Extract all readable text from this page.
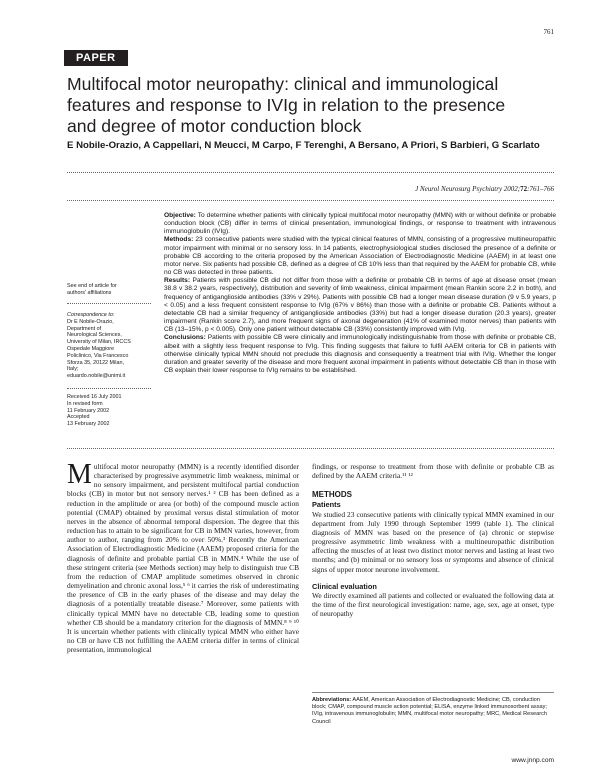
761
PAPER
Multifocal motor neuropathy: clinical and immunological features and response to IVIg in relation to the presence and degree of motor conduction block
E Nobile-Orazio, A Cappellari, N Meucci, M Carpo, F Terenghi, A Bersano, A Priori, S Barbieri, G Scarlato
J Neurol Neurosurg Psychiatry 2002;72:761–766
See end of article for
authors' affiliations
Correspondence to:
Dr E Nobile-Orazio,
Department of
Neurological Sciences,
University of Milan, IRCCS
Ospedale Maggiore
Policlinico, Via Francesco
Sforza 35, 20122 Milan,
Italy;
eduardo.nobile@unimi.it
Received 16 July 2001
In revised form
11 February 2002
Accepted
13 February 2002

Objective: To determine whether patients with clinically typical multifocal motor neuropathy (MMN) with or without definite or probable conduction block (CB) differ in terms of clinical presentation, immunological findings, or response to treatment with intravenous immunoglobulin (IVIg).

Methods: 23 consecutive patients were studied with the typical clinical features of MMN, consisting of a progressive multineuropathic motor impairment with minimal or no sensory loss. In 14 patients, electrophysiological studies disclosed the presence of a definite or probable CB according to the criteria proposed by the American Association of Electrodiagnostic Medicine (AAEM) in at least one motor nerve. Six patients had possible CB, defined as a degree of CB 10% less than that required by the AAEM for probable CB, while no CB was detected in three patients.

Results: Patients with possible CB did not differ from those with a definite or probable CB in terms of age at disease onset (mean 38.8 v 38.2 years, respectively), distribution and severity of limb weakness, clinical impairment (mean Rankin score 2.2 in both), and frequency of antiganglioside antibodies (33% v 29%). Patients with possible CB had a longer mean disease duration (9 v 5.9 years, p < 0.05) and a less frequent consistent response to IVIg (67% v 86%) than those with a definite or probable CB. Patients without a detectable CB had a similar frequency of antiganglioside antibodies (33%) but had a longer disease duration (20.3 years), greater impairment (Rankin score 2.7), and more frequent signs of axonal degeneration (41% of examined motor nerves) than patients with CB (13–15%, p < 0.005). Only one patient without detectable CB (33%) consistently improved with IVIg.

Conclusions: Patients with possible CB were clinically and immunologically indistinguishable from those with definite or probable CB, albeit with a slightly less frequent response to IVIg. This finding suggests that failure to fulfil AAEM criteria for CB in patients with otherwise clinically typical MMN should not preclude this diagnosis and consequently a treatment trial with IVIg. Whether the longer duration and greater severity of the disease and more frequent axonal impairment in patients without detectable CB than in those with CB explain their lower response to IVIg remains to be established.

Multifocal motor neuropathy (MMN) is a recently identified disorder characterised by progressive asymmetric limb weakness, minimal or no sensory impairment, and persistent multifocal partial conduction blocks (CB) in motor but not sensory nerves.¹ ² CB has been defined as a reduction in the amplitude or area (or both) of the compound muscle action potential (CMAP) obtained by proximal versus distal stimulation of motor nerves in the absence of abnormal temporal dispersion. The degree that this reduction has to attain to be significant for CB in MMN varies, however, from author to author, ranging from 20% to over 50%.³ Recently the American Association of Electrodiagnostic Medicine (AAEM) proposed criteria for the diagnosis of definite and probable partial CB in MMN.⁴ While the use of these stringent criteria (see Methods section) may help to distinguish true CB from the reduction of CMAP amplitude sometimes observed in chronic demyelination and chronic axonal loss,⁵ ⁶ it carries the risk of underestimating the presence of CB in the early phases of the disease and may delay the diagnosis of a potentially treatable disease.⁷ Moreover, some patients with clinically typical MMN have no detectable CB, leading some to question whether CB should be a mandatory criterion for the diagnosis of MMN.⁸ ⁹ ¹⁰ It is uncertain whether patients with clinically typical MMN who either have no CB or have CB not fulfilling the AAEM criteria differ in terms of clinical presentation, immunological

findings, or response to treatment from those with definite or probable CB as defined by the AAEM criteria.¹¹ ¹²

METHODS

Patients

We studied 23 consecutive patients with clinically typical MMN examined in our department from July 1990 through September 1999 (table 1). The clinical diagnosis of MMN was based on the presence of (a) chronic or stepwise progressive asymmetric limb weakness with a multineuropathic distribution affecting the muscles of at least two distinct motor nerves and lasting at least two months; and (b) minimal or no sensory loss or symptoms and absence of clinical signs of upper motor neurone involvement.

Clinical evaluation

We directly examined all patients and collected or evaluated the following data at the time of the first neurological investigation: name, age, sex, age at onset, type of neuropathy

Abbreviations: AAEM, American Association of Electrodiagnostic Medicine; CB, conduction block; CMAP, compound muscle action potential; ELISA, enzyme linked immunosorbent assay; IVIg, intravenous immunoglobulin; MMN, multifocal motor neuropathy; MRC, Medical Research Council
www.jnnp.com
